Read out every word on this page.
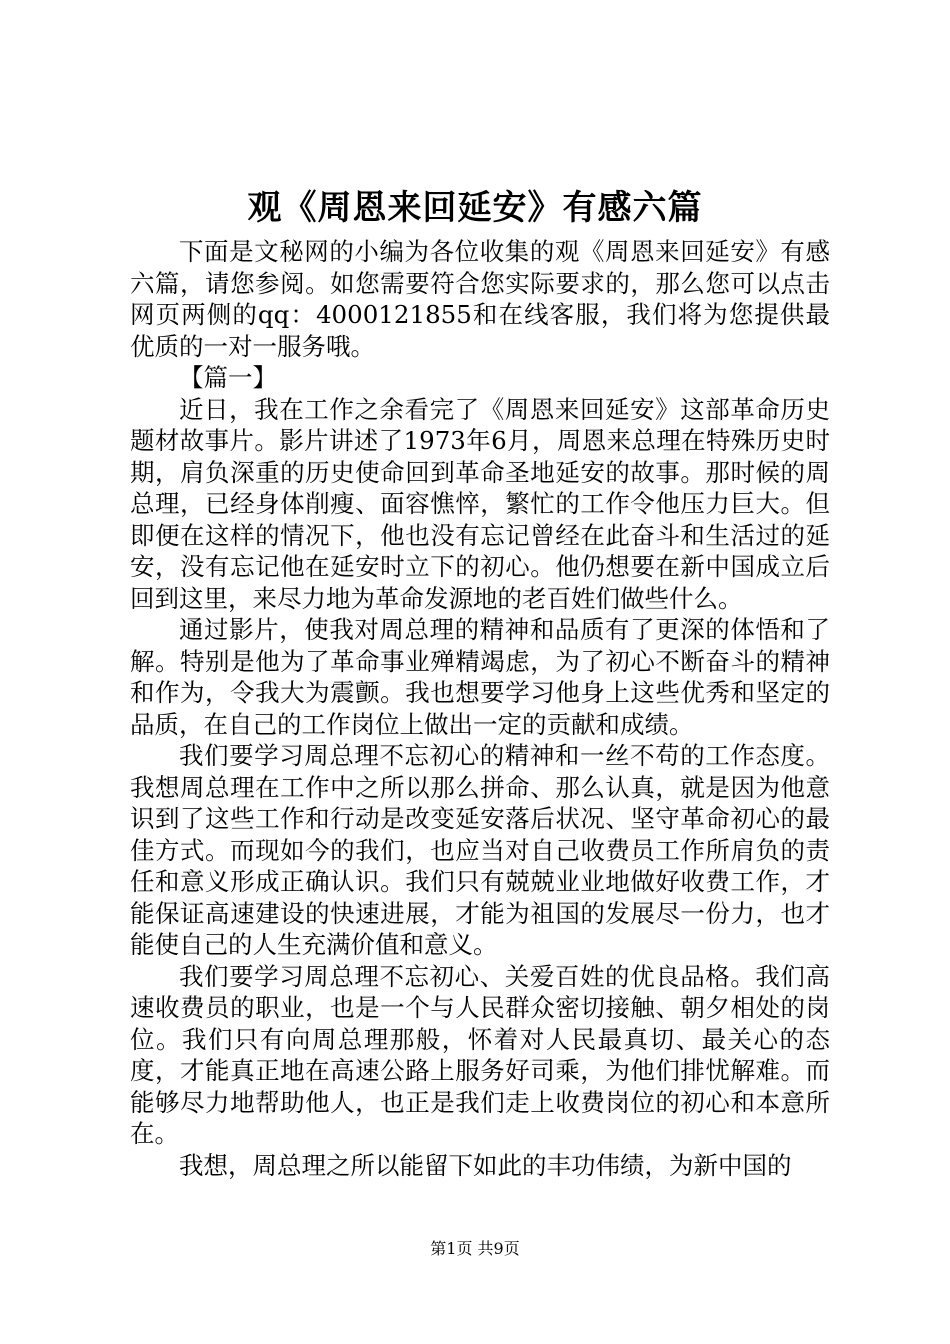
观《周恩来回延安》有感六篇

下面是文秘网的小编为各位收集的观《周恩来回延安》有感六篇，请您参阅。如您需要符合您实际要求的，那么您可以点击网页两侧的qq：4000121855和在线客服，我们将为您提供最优质的一对一服务哦。

【篇一】

近日，我在工作之余看完了《周恩来回延安》这部革命历史题材故事片。影片讲述了1973年6月，周恩来总理在特殊历史时期，肩负深重的历史使命回到革命圣地延安的故事。那时候的周总理，已经身体削瘦、面容憔悴，繁忙的工作令他压力巨大。但即便在这样的情况下，他也没有忘记曾经在此奋斗和生活过的延安，没有忘记他在延安时立下的初心。他仍想要在新中国成立后回到这里，来尽力地为革命发源地的老百姓们做些什么。

通过影片，使我对周总理的精神和品质有了更深的体悟和了解。特别是他为了革命事业殚精竭虑，为了初心不断奋斗的精神和作为，令我大为震颤。我也想要学习他身上这些优秀和坚定的品质，在自己的工作岗位上做出一定的贡献和成绩。

我们要学习周总理不忘初心的精神和一丝不苟的工作态度。我想周总理在工作中之所以那么拼命、那么认真，就是因为他意识到了这些工作和行动是改变延安落后状况、坚守革命初心的最佳方式。而现如今的我们，也应当对自己收费员工作所肩负的责任和意义形成正确认识。我们只有兢兢业业地做好收费工作，才能保证高速建设的快速进展，才能为祖国的发展尽一份力，也才能使自己的人生充满价值和意义。

我们要学习周总理不忘初心、关爱百姓的优良品格。我们高速收费员的职业，也是一个与人民群众密切接触、朝夕相处的岗位。我们只有向周总理那般，怀着对人民最真切、最关心的态度，才能真正地在高速公路上服务好司乘，为他们排忧解难。而能够尽力地帮助他人，也正是我们走上收费岗位的初心和本意所在。

我想，周总理之所以能留下如此的丰功伟绩，为新中国的

第1页 共9页
